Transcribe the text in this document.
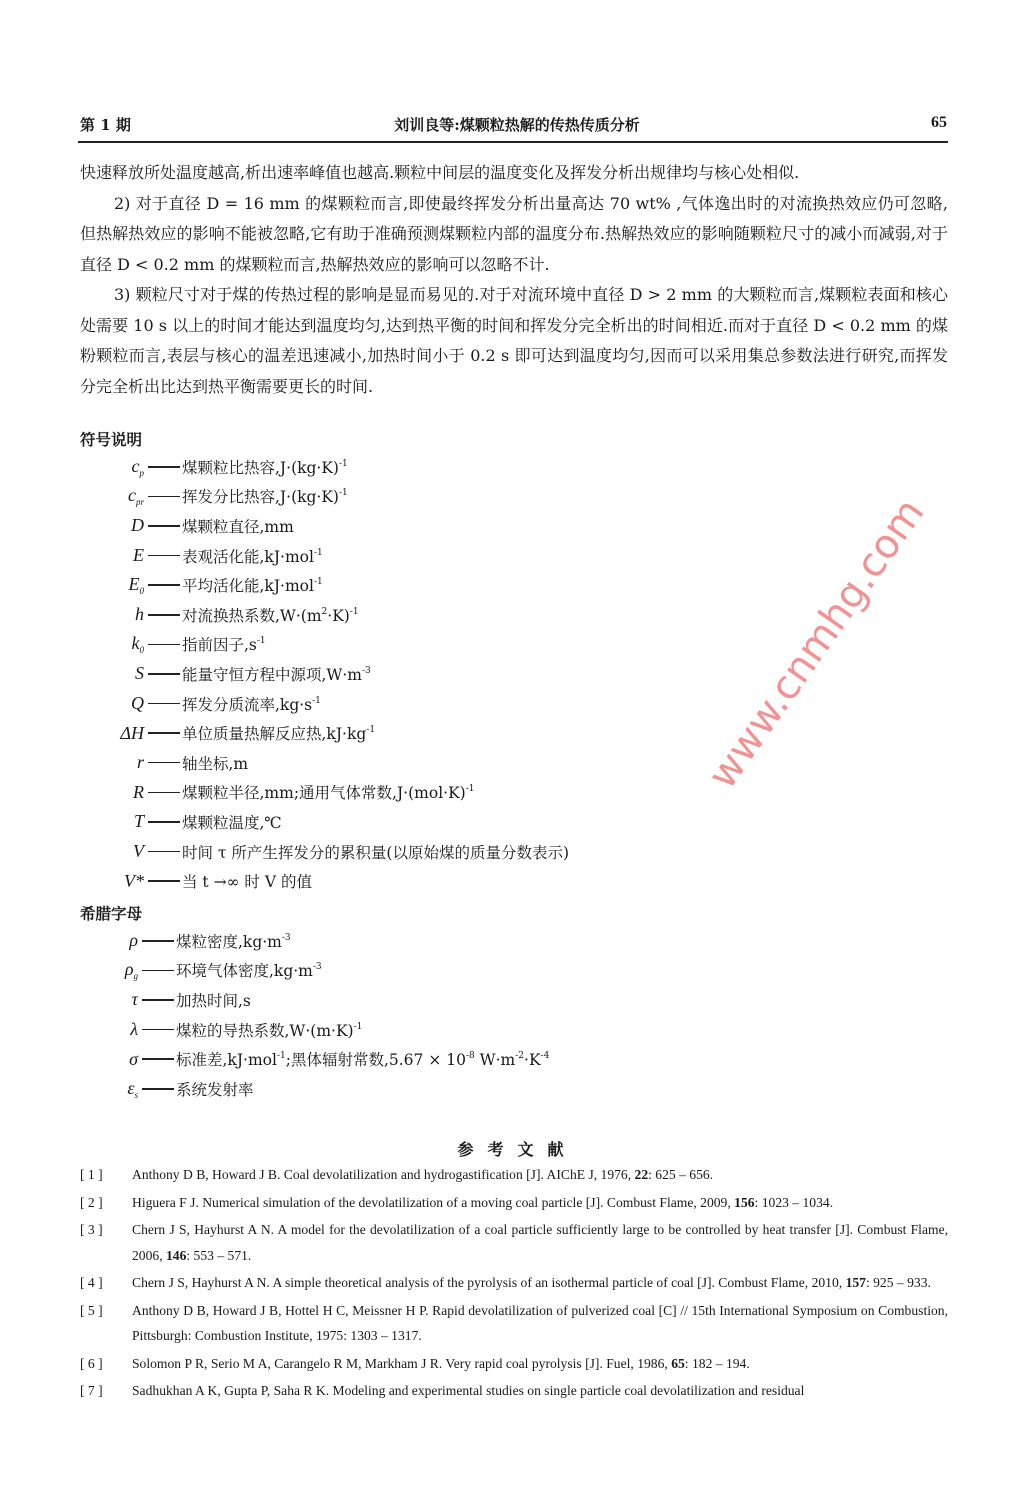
第 1 期	刘训良等:煤颗粒热解的传热传质分析	65

快速释放所处温度越高,析出速率峰值也越高.颗粒中间层的温度变化及挥发分析出规律均与核心处相似.

2) 对于直径 D = 16 mm 的煤颗粒而言,即使最终挥发分析出量高达 70 wt% ,气体逸出时的对流换热效应仍可忽略,但热解热效应的影响不能被忽略,它有助于准确预测煤颗粒内部的温度分布.热解热效应的影响随颗粒尺寸的减小而减弱,对于直径 D < 0.2 mm 的煤颗粒而言,热解热效应的影响可以忽略不计.

3) 颗粒尺寸对于煤的传热过程的影响是显而易见的.对于对流环境中直径 D > 2 mm 的大颗粒而言,煤颗粒表面和核心处需要 10 s 以上的时间才能达到温度均匀,达到热平衡的时间和挥发分完全析出的时间相近.而对于直径 D < 0.2 mm 的煤粉颗粒而言,表层与核心的温差迅速减小,加热时间小于 0.2 s 即可达到温度均匀,因而可以采用集总参数法进行研究,而挥发分完全析出比达到热平衡需要更长的时间.

符号说明
$c_p$ 煤颗粒比热容$,J\cdot(kg\cdot K)^{-1}$
$c_{pr}$ 挥发分比热容$,J\cdot(kg\cdot K)^{-1}$
D 煤颗粒直径,mm
E 表观活化能,kJ·mol$^{-1}$
$E_0$ 平均活化能,kJ·mol$^{-1}$
h 对流换热系数$,W\cdot(m^2\cdot K)^{-1}$
$k_0$ 指前因子$,s^{-1}$
S 能量守恒方程中源项$,W\cdot m^{-3}$
Q 挥发分质流率$,kg\cdot s^{-1}$
ΔH 单位质量热解反应热$,kJ\cdot kg^{-1}$
r 轴坐标,m
R 煤颗粒半径,mm;通用气体常数$,J\cdot(mol\cdot K)^{-1}$
T 煤颗粒温度,℃
V 时间 τ 所产生挥发分的累积量(以原始煤的质量分数表示)
V* 当 t →∞ 时 V 的值
希腊字母
ρ 煤粒密度$,kg\cdot m^{-3}$
$\rho_g$ 环境气体密度$,kg\cdot m^{-3}$
τ 加热时间,s
λ 煤粒的导热系数$,W\cdot(m\cdot K)^{-1}$
σ 标准差,kJ·mol$^{-1}$;黑体辐射常数$,5.67 \times 10^{-8}$ $W\cdot m^{-2}\cdot K^{-4}$
$\varepsilon_s$ 系统发射率
参考文献
[ 1 ]	Anthony D B, Howard J B. Coal devolatilization and hydrogastification [J]. AIChE J, 1976, 22: 625 – 656.
[ 2 ]	Higuera F J. Numerical simulation of the devolatilization of a moving coal particle [J]. Combust Flame, 2009, 156: 1023 – 1034.
[ 3 ]	Chern J S, Hayhurst A N. A model for the devolatilization of a coal particle sufficiently large to be controlled by heat transfer [J]. Combust Flame, 2006, 146: 553 – 571.
[ 4 ]	Chern J S, Hayhurst A N. A simple theoretical analysis of the pyrolysis of an isothermal particle of coal [J]. Combust Flame, 2010, 157: 925 – 933.
[ 5 ]	Anthony D B, Howard J B, Hottel H C, Meissner H P. Rapid devolatilization of pulverized coal [C] // 15th International Symposium on Combustion, Pittsburgh: Combustion Institute, 1975: 1303 – 1317.
[ 6 ]	Solomon P R, Serio M A, Carangelo R M, Markham J R. Very rapid coal pyrolysis [J]. Fuel, 1986, 65: 182 – 194.
[ 7 ]	Sadhukhan A K, Gupta P, Saha R K. Modeling and experimental studies on single particle coal devolatilization and residual
www.cnmhg.com
